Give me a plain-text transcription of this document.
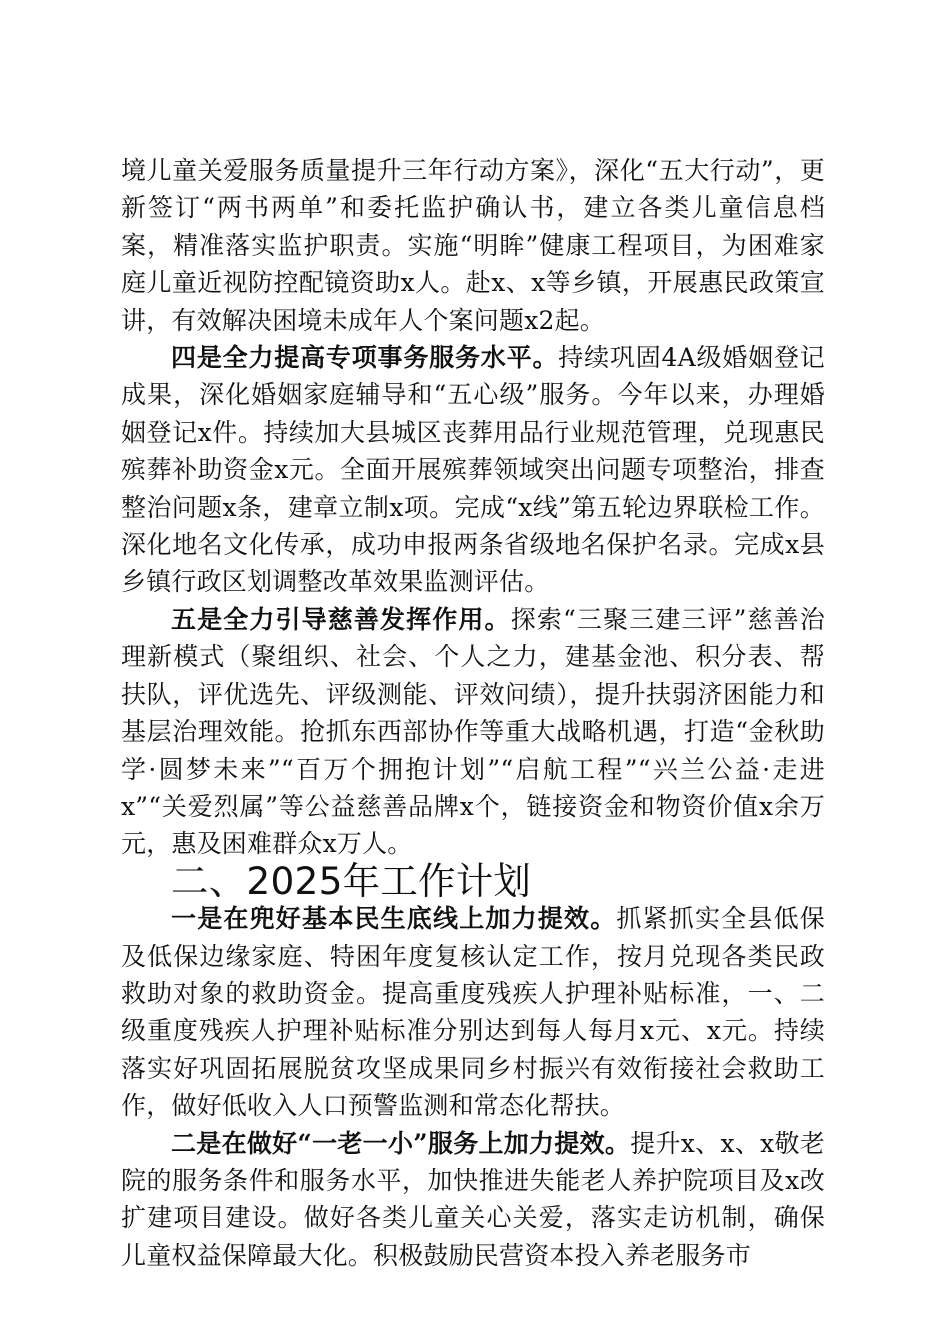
境儿童关爱服务质量提升三年行动方案》，深化“五大行动”，更新签订“两书两单”和委托监护确认书，建立各类儿童信息档案，精准落实监护职责。实施“明眸”健康工程项目，为困难家庭儿童近视防控配镜资助x人。赴x、x等乡镇，开展惠民政策宣讲，有效解决困境未成年人个案问题x2起。

四是全力提高专项事务服务水平。持续巩固4A级婚姻登记成果，深化婚姻家庭辅导和“五心级”服务。今年以来，办理婚姻登记x件。持续加大县城区丧葬用品行业规范管理，兑现惠民殡葬补助资金x元。全面开展殡葬领域突出问题专项整治，排查整治问题x条，建章立制x项。完成“x线”第五轮边界联检工作。深化地名文化传承，成功申报两条省级地名保护名录。完成x县乡镇行政区划调整改革效果监测评估。

五是全力引导慈善发挥作用。探索“三聚三建三评”慈善治理新模式（聚组织、社会、个人之力，建基金池、积分表、帮扶队，评优选先、评级测能、评效问绩），提升扶弱济困能力和基层治理效能。抢抓东西部协作等重大战略机遇，打造“金秋助学·圆梦未来”“百万个拥抱计划”“启航工程”“兴兰公益·走进x”“关爱烈属”等公益慈善品牌x个，链接资金和物资价值x余万元，惠及困难群众x万人。

二、2025年工作计划

一是在兜好基本民生底线上加力提效。抓紧抓实全县低保及低保边缘家庭、特困年度复核认定工作，按月兑现各类民政救助对象的救助资金。提高重度残疾人护理补贴标准，一、二级重度残疾人护理补贴标准分别达到每人每月x元、x元。持续落实好巩固拓展脱贫攻坚成果同乡村振兴有效衔接社会救助工作，做好低收入人口预警监测和常态化帮扶。

二是在做好“一老一小”服务上加力提效。提升x、x、x敬老院的服务条件和服务水平，加快推进失能老人养护院项目及x改扩建项目建设。做好各类儿童关心关爱，落实走访机制，确保儿童权益保障最大化。积极鼓励民营资本投入养老服务市
